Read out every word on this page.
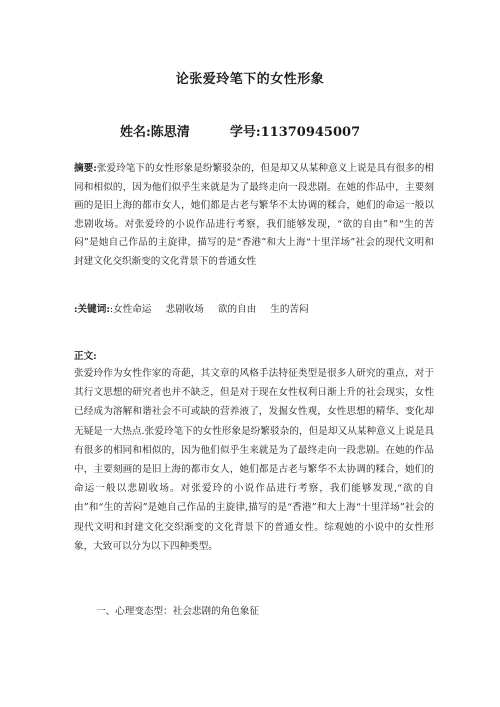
论张爱玲笔下的女性形象
姓名:陈思清	学号:11370945007
摘要:张爱玲笔下的女性形象是纷繁驳杂的，但是却又从某种意义上说是具有很多的相同和相似的，因为他们似乎生来就是为了最终走向一段悲剧。在她的作品中，主要刻画的是旧上海的都市女人，她们都是古老与繁华不太协调的糅合，她们的命运一般以悲剧收场。对张爱玲的小说作品进行考察，我们能够发现，“欲的自由”和“生的苦闷”是她自己作品的主旋律，描写的是“香港”和大上海“十里洋场”社会的现代文明和封建文化交织渐变的文化背景下的普通女性
:关键词::女性命运 悲剧收场 欲的自由 生的苦闷
正文:

张爱玲作为女性作家的奇葩，其文章的风格手法特征类型是很多人研究的重点，对于其行文思想的研究者也并不缺乏，但是对于现在女性权利日渐上升的社会现实，女性已经成为溶解和谐社会不可或缺的营养液了，发掘女性观，女性思想的精华、变化却无疑是一大热点.张爱玲笔下的女性形象是纷繁驳杂的，但是却又从某种意义上说是具有很多的相同和相似的，因为他们似乎生来就是为了最终走向一段悲剧。在她的作品中，主要刻画的是旧上海的都市女人，她们都是古老与繁华不太协调的糅合，她们的命运一般以悲剧收场。对张爱玲的小说作品进行考察，我们能够发现,“欲的自由”和“生的苦闷”是她自己作品的主旋律,描写的是“香港”和大上海“十里洋场”社会的现代文明和封建文化交织渐变的文化背景下的普通女性。综观她的小说中的女性形象，大致可以分为以下四种类型。

一、心理变态型：社会悲剧的角色象征
